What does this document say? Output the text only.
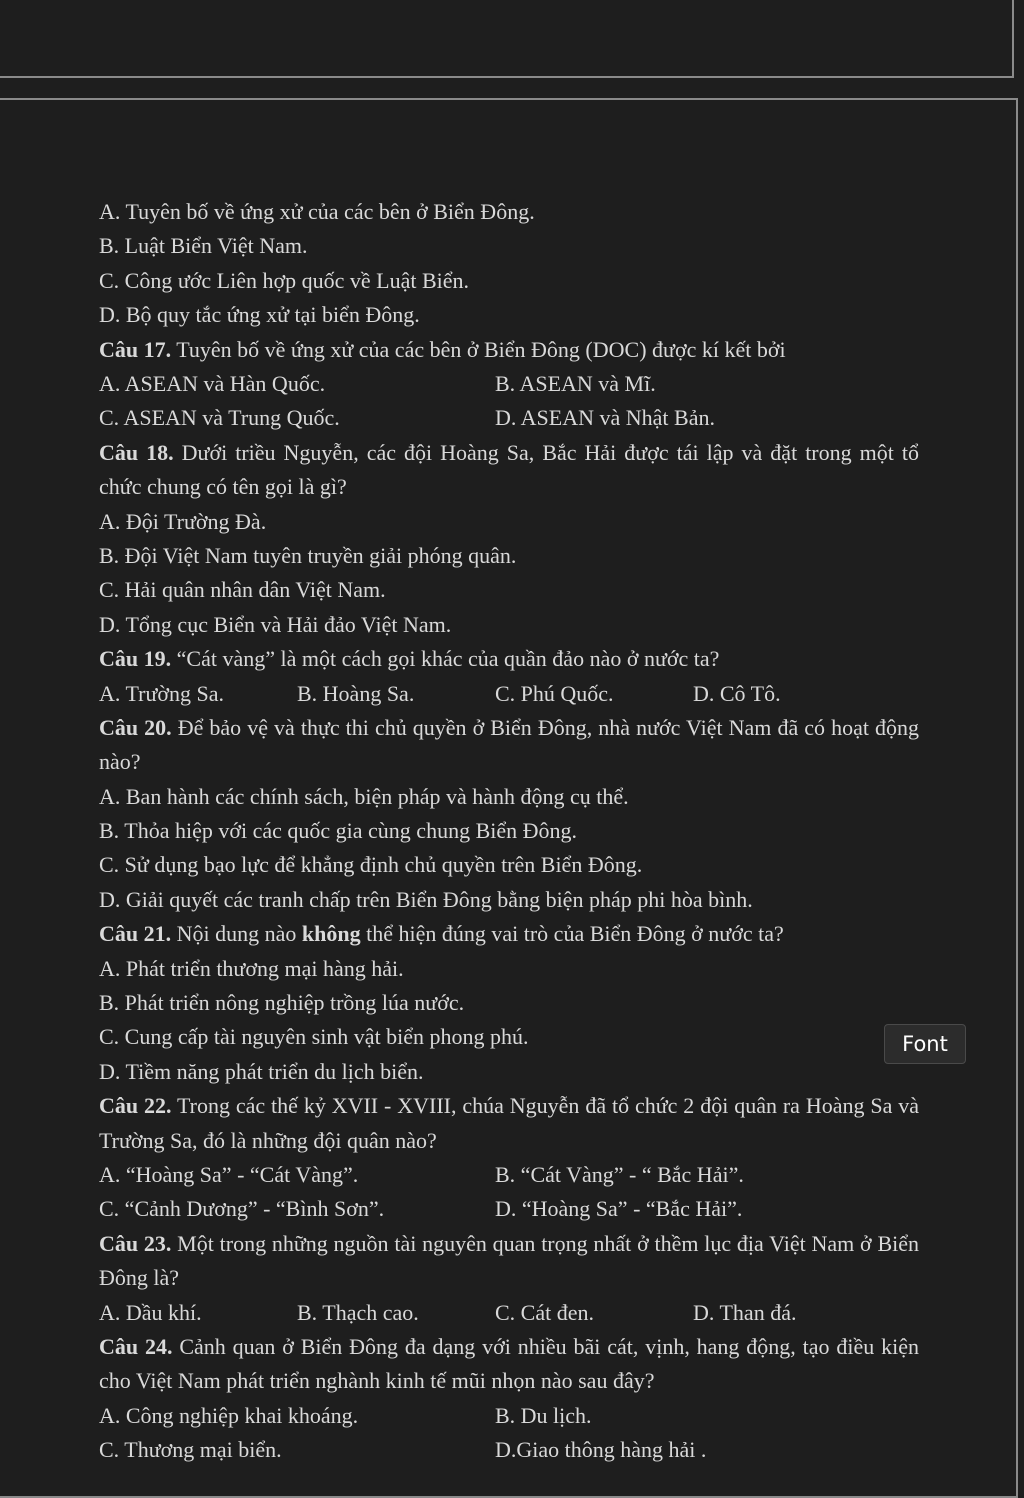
A. Tuyên bố về ứng xử của các bên ở Biển Đông.
B. Luật Biển Việt Nam.
C. Công ước Liên hợp quốc về Luật Biển.
D. Bộ quy tắc ứng xử tại biển Đông.
Câu 17. Tuyên bố về ứng xử của các bên ở Biển Đông (DOC) được kí kết bởi
A. ASEAN và Hàn Quốc.	B. ASEAN và Mĩ.
C. ASEAN và Trung Quốc.	D. ASEAN và Nhật Bản.
Câu 18. Dưới triều Nguyễn, các đội Hoàng Sa, Bắc Hải được tái lập và đặt trong một tổ chức chung có tên gọi là gì?
A. Đội Trường Đà.
B. Đội Việt Nam tuyên truyền giải phóng quân.
C. Hải quân nhân dân Việt Nam.
D. Tổng cục Biển và Hải đảo Việt Nam.
Câu 19. “Cát vàng” là một cách gọi khác của quần đảo nào ở nước ta?
A. Trường Sa.	B. Hoàng Sa.	C. Phú Quốc.	D. Cô Tô.
Câu 20. Để bảo vệ và thực thi chủ quyền ở Biển Đông, nhà nước Việt Nam đã có hoạt động nào?
A. Ban hành các chính sách, biện pháp và hành động cụ thể.
B. Thỏa hiệp với các quốc gia cùng chung Biển Đông.
C. Sử dụng bạo lực để khẳng định chủ quyền trên Biển Đông.
D. Giải quyết các tranh chấp trên Biển Đông bằng biện pháp phi hòa bình.
Câu 21. Nội dung nào không thể hiện đúng vai trò của Biển Đông ở nước ta?
A. Phát triển thương mại hàng hải.
B. Phát triển nông nghiệp trồng lúa nước.
C. Cung cấp tài nguyên sinh vật biển phong phú.
D. Tiềm năng phát triển du lịch biển.
Câu 22. Trong các thế kỷ XVII - XVIII, chúa Nguyễn đã tổ chức 2 đội quân ra Hoàng Sa và Trường Sa, đó là những đội quân nào?
A. “Hoàng Sa” - “Cát Vàng”.	B. “Cát Vàng” - “ Bắc Hải”.
C. “Cảnh Dương” - “Bình Sơn”.	D. “Hoàng Sa” - “Bắc Hải”.
Câu 23. Một trong những nguồn tài nguyên quan trọng nhất ở thềm lục địa Việt Nam ở Biển Đông là?
A. Dầu khí.	B. Thạch cao.	C. Cát đen.	D. Than đá.
Câu 24. Cảnh quan ở Biển Đông đa dạng với nhiều bãi cát, vịnh, hang động, tạo điều kiện cho Việt Nam phát triển nghành kinh tế mũi nhọn nào sau đây?
A. Công nghiệp khai khoáng.	B. Du lịch.
C. Thương mại biển.	D.Giao thông hàng hải .
Font
